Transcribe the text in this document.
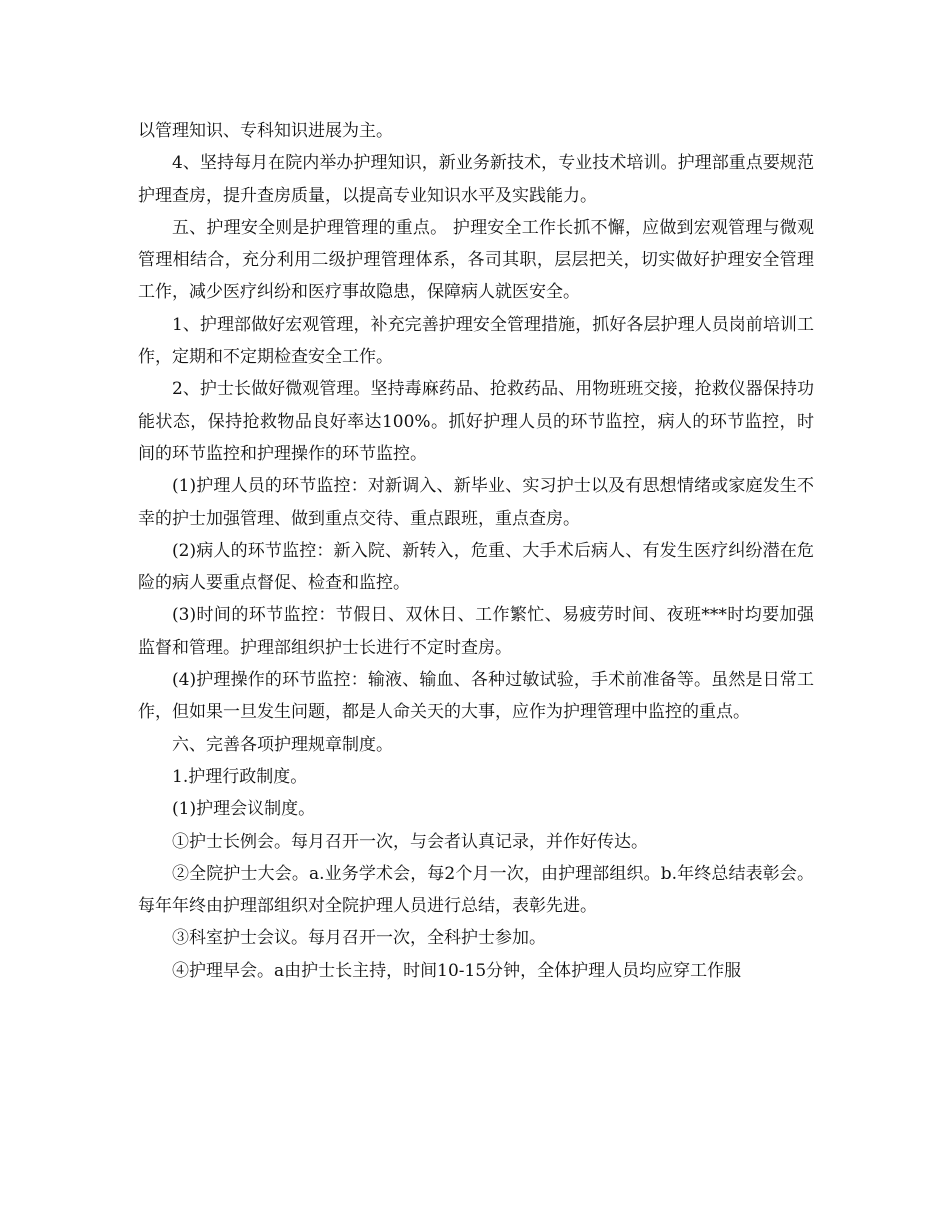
以管理知识、专科知识进展为主。

4、坚持每月在院内举办护理知识，新业务新技术，专业技术培训。护理部重点要规范护理查房，提升查房质量，以提高专业知识水平及实践能力。

五、护理安全则是护理管理的重点。 护理安全工作长抓不懈，应做到宏观管理与微观管理相结合，充分利用二级护理管理体系，各司其职，层层把关，切实做好护理安全管理工作，减少医疗纠纷和医疗事故隐患，保障病人就医安全。

1、护理部做好宏观管理，补充完善护理安全管理措施，抓好各层护理人员岗前培训工作，定期和不定期检查安全工作。

2、护士长做好微观管理。坚持毒麻药品、抢救药品、用物班班交接，抢救仪器保持功能状态，保持抢救物品良好率达100%。抓好护理人员的环节监控，病人的环节监控，时间的环节监控和护理操作的环节监控。

(1)护理人员的环节监控：对新调入、新毕业、实习护士以及有思想情绪或家庭发生不幸的护士加强管理、做到重点交待、重点跟班，重点查房。

(2)病人的环节监控：新入院、新转入，危重、大手术后病人、有发生医疗纠纷潜在危险的病人要重点督促、检查和监控。

(3)时间的环节监控：节假日、双休日、工作繁忙、易疲劳时间、夜班***时均要加强监督和管理。护理部组织护士长进行不定时查房。

(4)护理操作的环节监控：输液、输血、各种过敏试验，手术前准备等。虽然是日常工作，但如果一旦发生问题，都是人命关天的大事，应作为护理管理中监控的重点。

六、完善各项护理规章制度。

1.护理行政制度。

(1)护理会议制度。

①护士长例会。每月召开一次，与会者认真记录，并作好传达。

②全院护士大会。a.业务学术会，每2个月一次，由护理部组织。b.年终总结表彰会。每年年终由护理部组织对全院护理人员进行总结，表彰先进。

③科室护士会议。每月召开一次，全科护士参加。

④护理早会。a由护士长主持，时间10-15分钟，全体护理人员均应穿工作服
